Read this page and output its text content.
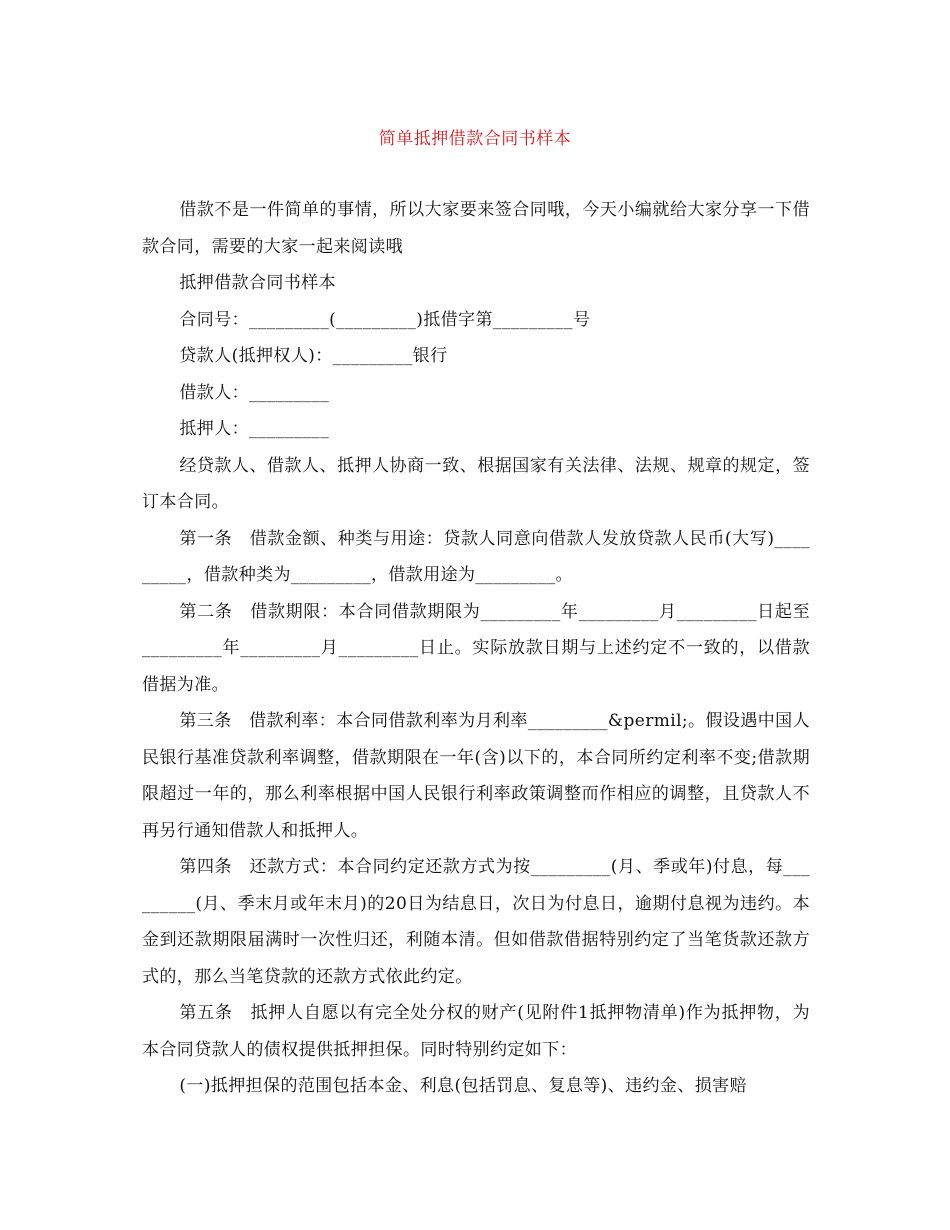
简单抵押借款合同书样本

借款不是一件简单的事情，所以大家要来签合同哦，今天小编就给大家分享一下借款合同，需要的大家一起来阅读哦

抵押借款合同书样本

合同号：_________(_________)抵借字第_________号

贷款人(抵押权人)：_________银行

借款人：_________

抵押人：_________

经贷款人、借款人、抵押人协商一致、根据国家有关法律、法规、规章的规定，签订本合同。

第一条　借款金额、种类与用途：贷款人同意向借款人发放贷款人民币(大写)_________，借款种类为_________，借款用途为_________。

第二条　借款期限：本合同借款期限为_________年_________月_________日起至_________年_________月_________日止。实际放款日期与上述约定不一致的，以借款借据为准。

第三条　借款利率：本合同借款利率为月利率_________&permil;。假设遇中国人民银行基准贷款利率调整，借款期限在一年(含)以下的，本合同所约定利率不变;借款期限超过一年的，那么利率根据中国人民银行利率政策调整而作相应的调整，且贷款人不再另行通知借款人和抵押人。

第四条　还款方式：本合同约定还款方式为按_________(月、季或年)付息，每_________(月、季末月或年末月)的20日为结息日，次日为付息日，逾期付息视为违约。本金到还款期限届满时一次性归还，利随本清。但如借款借据特别约定了当笔货款还款方式的，那么当笔贷款的还款方式依此约定。

第五条　抵押人自愿以有完全处分权的财产(见附件1抵押物清单)作为抵押物，为本合同贷款人的债权提供抵押担保。同时特别约定如下：

(一)抵押担保的范围包括本金、利息(包括罚息、复息等)、违约金、损害赔
